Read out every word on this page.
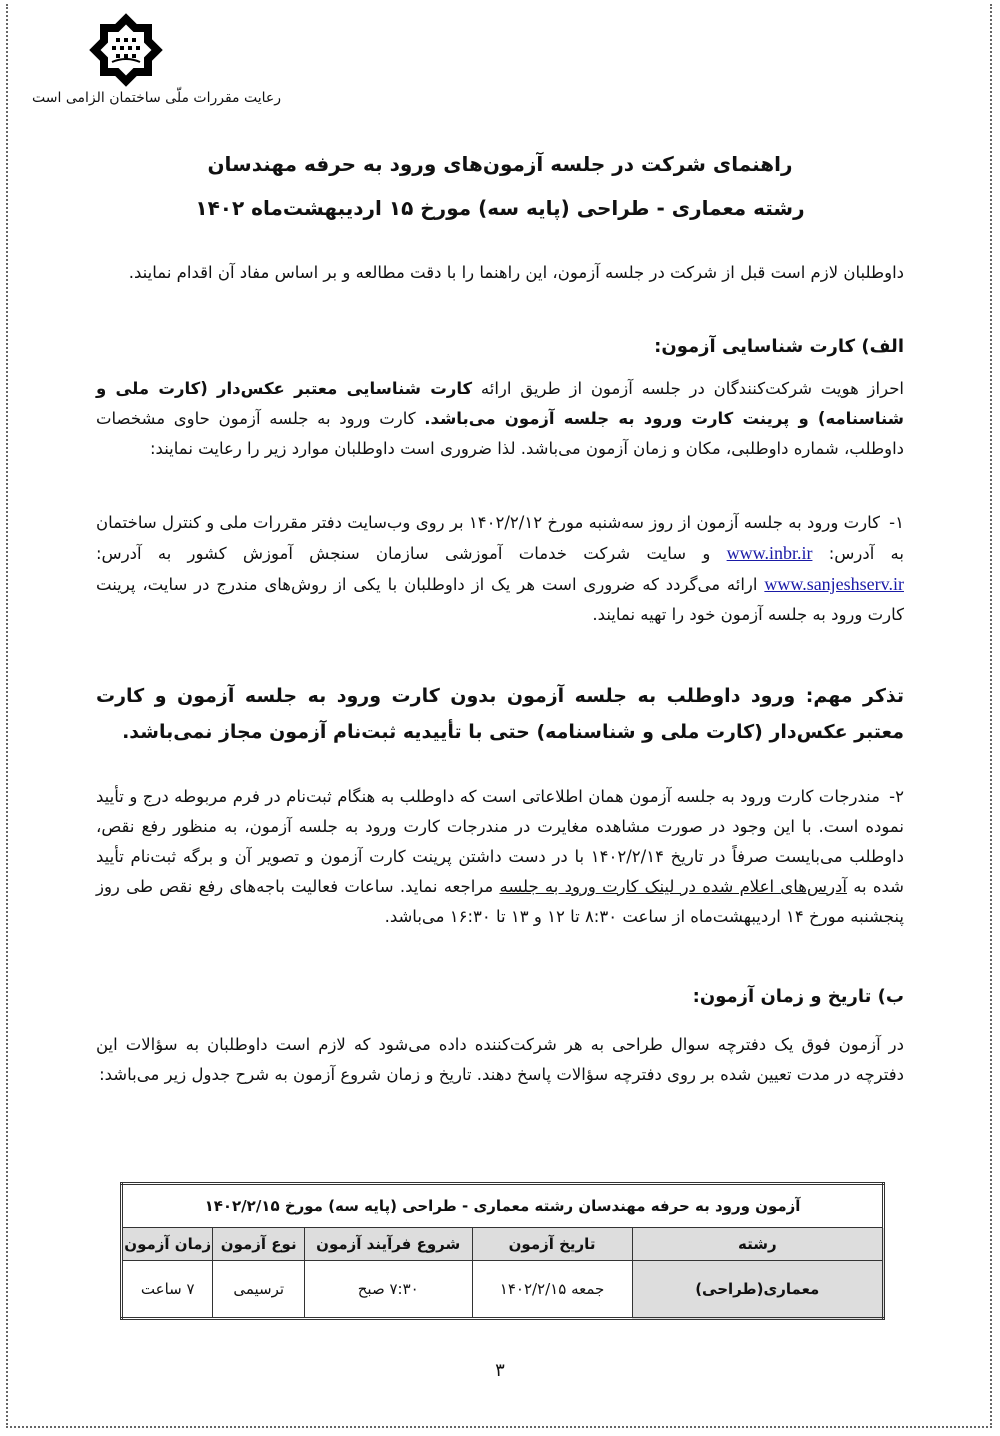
رعایت مقررات ملّی ساختمان الزامی است
راهنمای شرکت در جلسه آزمون‌های ورود به حرفه مهندسان
رشته معماری - طراحی (پایه سه) مورخ ۱۵ اردیبهشت‌ماه ۱۴۰۲
داوطلبان لازم است قبل از شرکت در جلسه آزمون، این راهنما را با دقت مطالعه و بر اساس مفاد آن اقدام نمایند.
الف) کارت شناسایی آزمون:
احراز هویت شرکت‌کنندگان در جلسه آزمون از طریق ارائه کارت شناسایی معتبر عکس‌دار (کارت ملی و شناسنامه) و پرینت کارت ورود به جلسه آزمون می‌باشد. کارت ورود به جلسه آزمون حاوی مشخصات داوطلب، شماره داوطلبی، مکان و زمان آزمون می‌باشد. لذا ضروری است داوطلبان موارد زیر را رعایت نمایند:
۱-کارت ورود به جلسه آزمون از روز سه‌شنبه مورخ ۱۴۰۲/۲/۱۲ بر روی وب‌سایت دفتر مقررات ملی و کنترل ساختمان به آدرس: www.inbr.ir و سایت شرکت خدمات آموزشی سازمان سنجش آموزش کشور به آدرس: www.sanjeshserv.ir ارائه می‌گردد که ضروری است هر یک از داوطلبان با یکی از روش‌های مندرج در سایت، پرینت کارت ورود به جلسه آزمون خود را تهیه نمایند.
تذکر مهم: ورود داوطلب به جلسه آزمون بدون کارت ورود به جلسه آزمون و کارت معتبر عکس‌دار (کارت ملی و شناسنامه) حتی با تأییدیه ثبت‌نام آزمون مجاز نمی‌باشد.
۲-مندرجات کارت ورود به جلسه آزمون همان اطلاعاتی است که داوطلب به هنگام ثبت‌نام در فرم مربوطه درج و تأیید نموده است. با این وجود در صورت مشاهده مغایرت در مندرجات کارت ورود به جلسه آزمون، به منظور رفع نقص، داوطلب می‌بایست صرفاً در تاریخ ۱۴۰۲/۲/۱۴ با در دست داشتن پرینت کارت آزمون و تصویر آن و برگه ثبت‌نام تأیید شده به آدرس‌های اعلام شده در لینک کارت ورود به جلسه مراجعه نماید. ساعات فعالیت باجه‌های رفع نقص طی روز پنجشنبه مورخ ۱۴ اردیبهشت‌ماه از ساعت ۸:۳۰ تا ۱۲ و ۱۳ تا ۱۶:۳۰ می‌باشد.
ب) تاریخ و زمان آزمون:
در آزمون فوق یک دفترچه سوال طراحی به هر شرکت‌کننده داده می‌شود که لازم است داوطلبان به سؤالات این دفترچه در مدت تعیین شده بر روی دفترچه سؤالات پاسخ دهند. تاریخ و زمان شروع آزمون به شرح جدول زیر می‌باشد:
آزمون ورود به حرفه مهندسان رشته معماری - طراحی (پایه سه) مورخ ۱۴۰۲/۲/۱۵				
رشته	تاریخ آزمون	شروع فرآیند آزمون	نوع آزمون	زمان آزمون
معماری(طراحی)	جمعه ۱۴۰۲/۲/۱۵	۷:۳۰ صبح	ترسیمی	۷ ساعت
۳
